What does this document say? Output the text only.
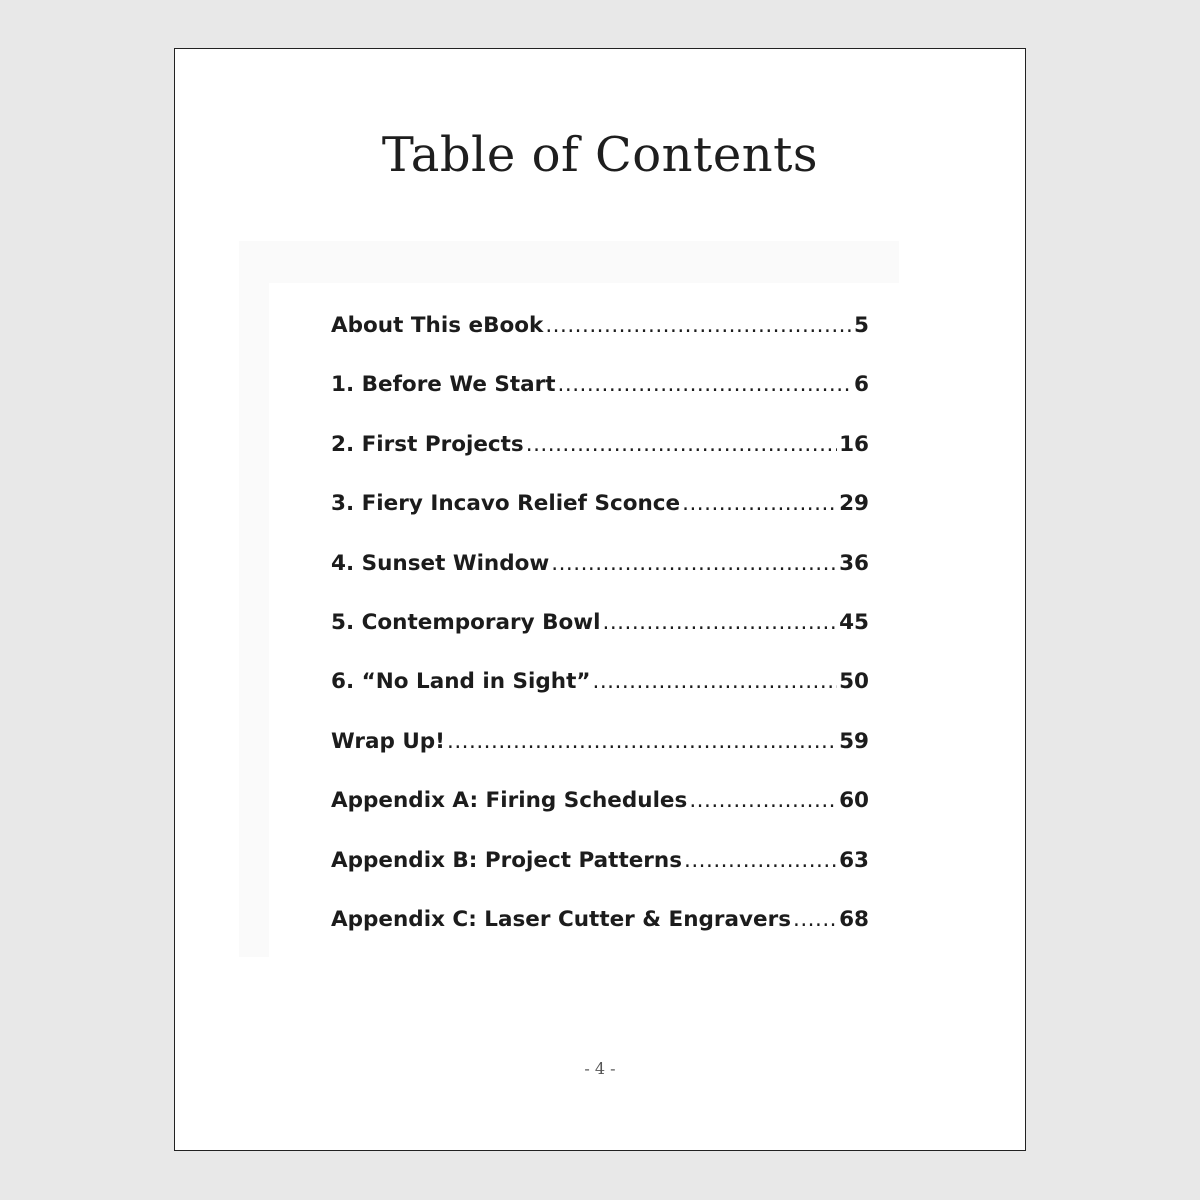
Table of Contents
About This eBook .....	5
1. Before We Start .....	6
2. First Projects .....	16
3. Fiery Incavo Relief Sconce .....	29
4. Sunset Window .....	36
5. Contemporary Bowl .....	45
6. “No Land in Sight” .....	50
Wrap Up! .....	59
Appendix A: Firing Schedules .....	60
Appendix B: Project Patterns .....	63
Appendix C: Laser Cutter & Engravers ..... 68
- 4 -
